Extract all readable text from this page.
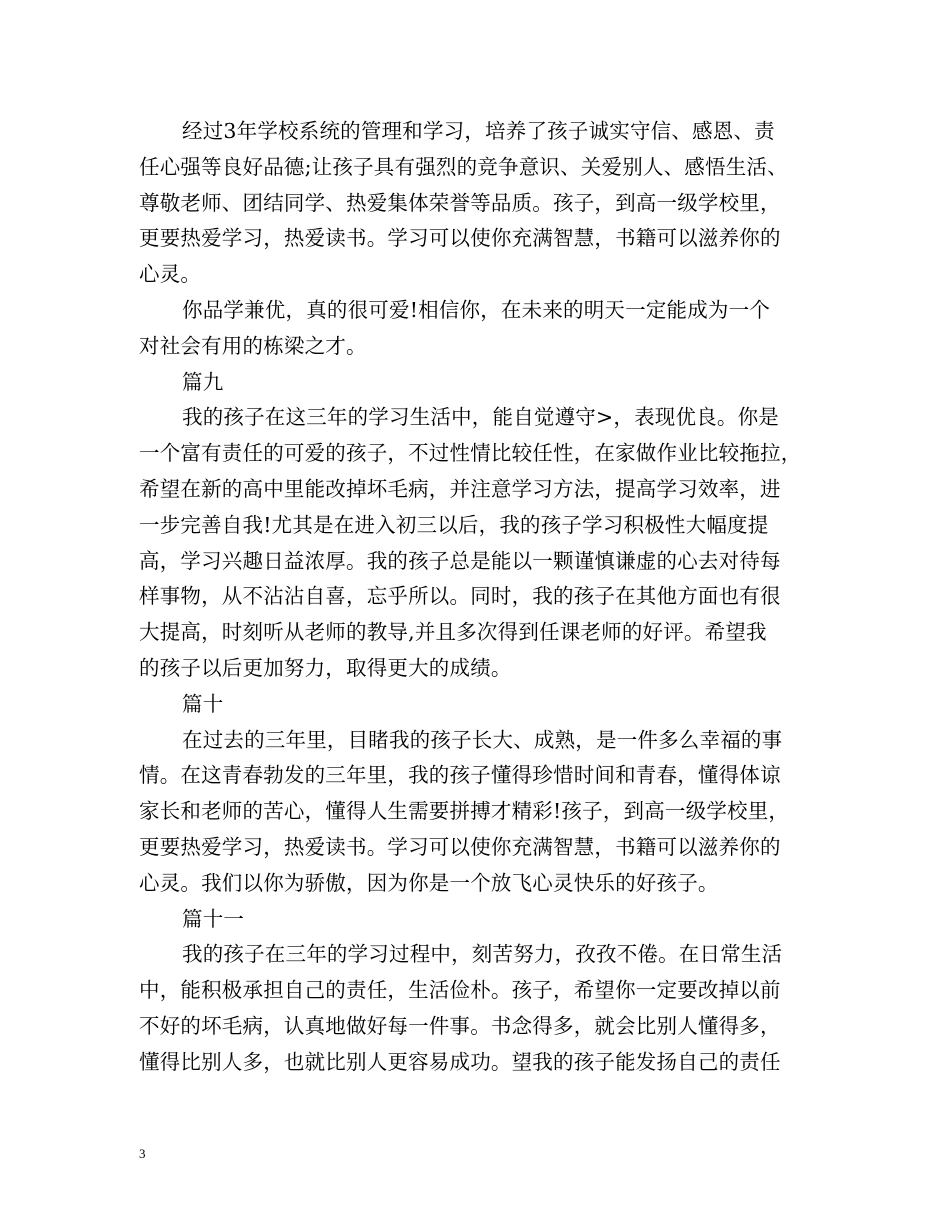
经过3年学校系统的管理和学习，培养了孩子诚实守信、感恩、责
任心强等良好品德;让孩子具有强烈的竞争意识、关爱别人、感悟生活、
尊敬老师、团结同学、热爱集体荣誉等品质。孩子，到高一级学校里，
更要热爱学习，热爱读书。学习可以使你充满智慧，书籍可以滋养你的
心灵。
你品学兼优，真的很可爱!相信你，在未来的明天一定能成为一个
对社会有用的栋梁之才。
篇九
我的孩子在这三年的学习生活中，能自觉遵守>，表现优良。你是
一个富有责任的可爱的孩子，不过性情比较任性，在家做作业比较拖拉，
希望在新的高中里能改掉坏毛病，并注意学习方法，提高学习效率，进
一步完善自我!尤其是在进入初三以后，我的孩子学习积极性大幅度提
高，学习兴趣日益浓厚。我的孩子总是能以一颗谨慎谦虚的心去对待每
样事物，从不沾沾自喜，忘乎所以。同时，我的孩子在其他方面也有很
大提高，时刻听从老师的教导,并且多次得到任课老师的好评。希望我
的孩子以后更加努力，取得更大的成绩。
篇十
在过去的三年里，目睹我的孩子长大、成熟，是一件多么幸福的事
情。在这青春勃发的三年里，我的孩子懂得珍惜时间和青春，懂得体谅
家长和老师的苦心，懂得人生需要拼搏才精彩!孩子，到高一级学校里，
更要热爱学习，热爱读书。学习可以使你充满智慧，书籍可以滋养你的
心灵。我们以你为骄傲，因为你是一个放飞心灵快乐的好孩子。
篇十一
我的孩子在三年的学习过程中，刻苦努力，孜孜不倦。在日常生活
中，能积极承担自己的责任，生活俭朴。孩子，希望你一定要改掉以前
不好的坏毛病，认真地做好每一件事。书念得多，就会比别人懂得多，
懂得比别人多，也就比别人更容易成功。望我的孩子能发扬自己的责任
3
